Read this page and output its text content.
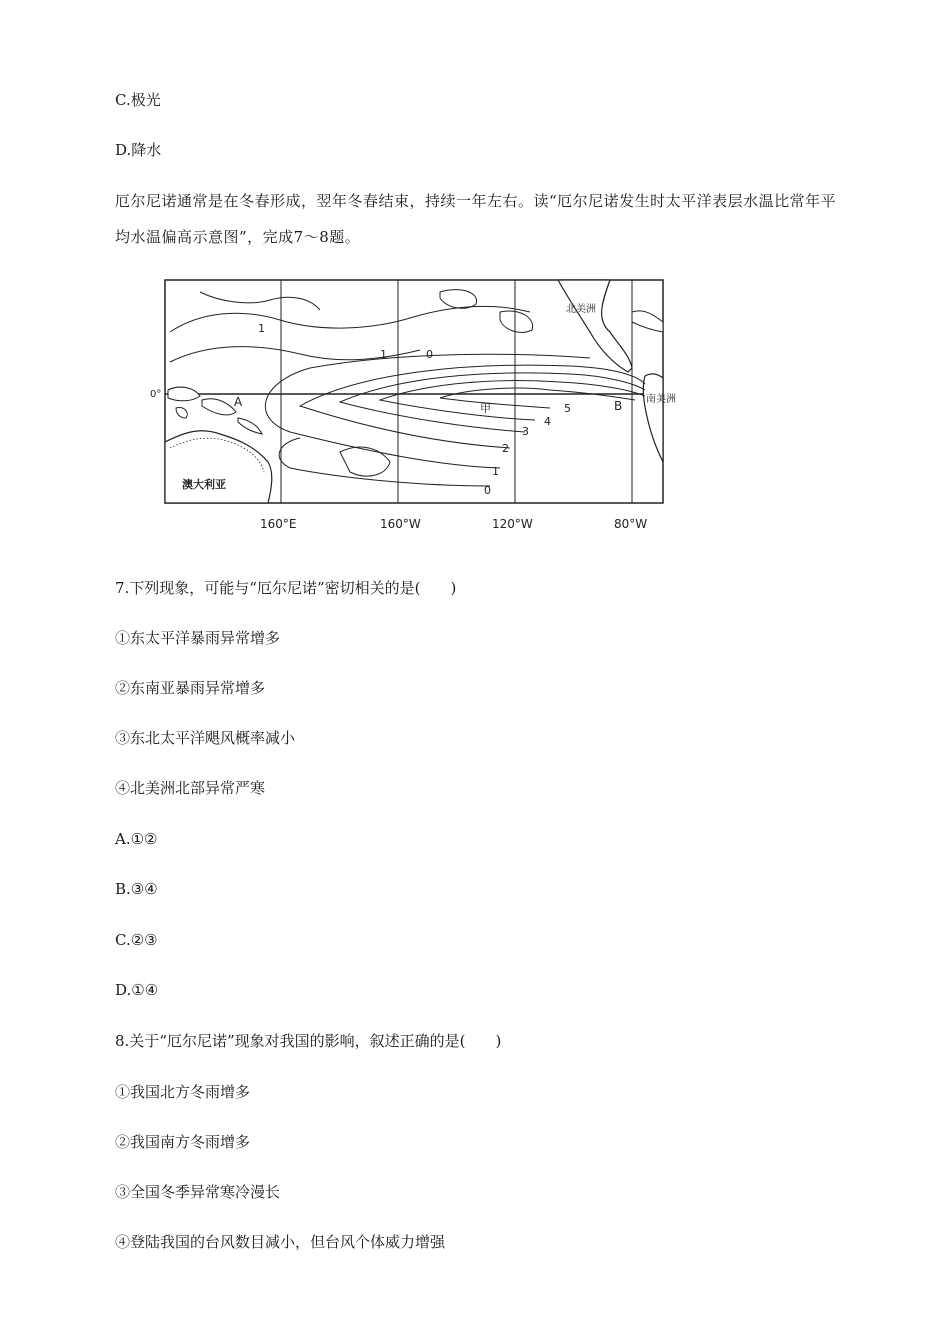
C.极光
D.降水
厄尔尼诺通常是在冬春形成，翌年冬春结束，持续一年左右。读“厄尔尼诺发生时太平洋表层水温比常年平均水温偏高示意图”，完成7～8题。
0°
160°E	160°W	120°W	80°W
澳大利亚
北美洲
南美洲
甲
A	B
5
4
3
2
1
0
1
1	0
7.下列现象，可能与“厄尔尼诺”密切相关的是(　　)
①东太平洋暴雨异常增多
②东南亚暴雨异常增多
③东北太平洋飓风概率减小
④北美洲北部异常严寒
A.①②
B.③④
C.②③
D.①④
8.关于“厄尔尼诺”现象对我国的影响，叙述正确的是(　　)
①我国北方冬雨增多
②我国南方冬雨增多
③全国冬季异常寒冷漫长
④登陆我国的台风数目减小，但台风个体威力增强
